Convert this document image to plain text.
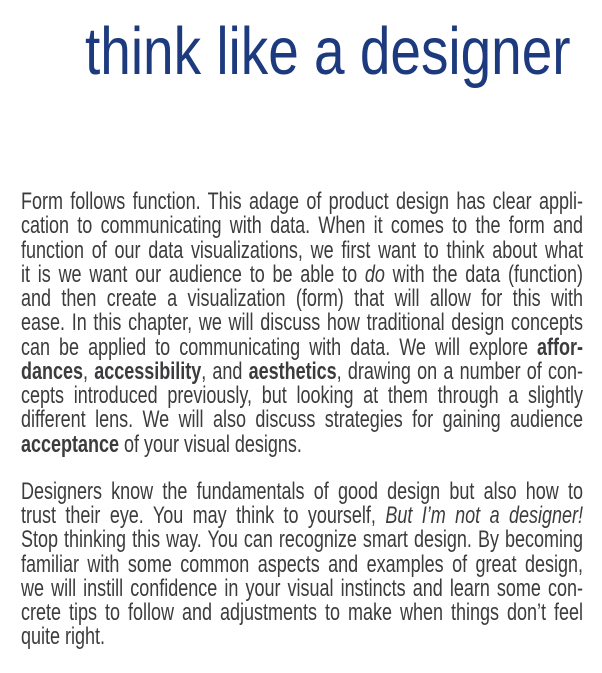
think like a designer

Form follows function. This adage of product design has clear appli-
cation to communicating with data. When it comes to the form and
function of our data visualizations, we first want to think about what
it is we want our audience to be able to do with the data (function)
and then create a visualization (form) that will allow for this with
ease. In this chapter, we will discuss how traditional design concepts
can be applied to communicating with data. We will explore affor-
dances, accessibility, and aesthetics, drawing on a number of con-
cepts introduced previously, but looking at them through a slightly
different lens. We will also discuss strategies for gaining audience
acceptance of your visual designs.

Designers know the fundamentals of good design but also how to
trust their eye. You may think to yourself, But I’m not a designer!
Stop thinking this way. You can recognize smart design. By becoming
familiar with some common aspects and examples of great design,
we will instill confidence in your visual instincts and learn some con-
crete tips to follow and adjustments to make when things don’t feel
quite right.
